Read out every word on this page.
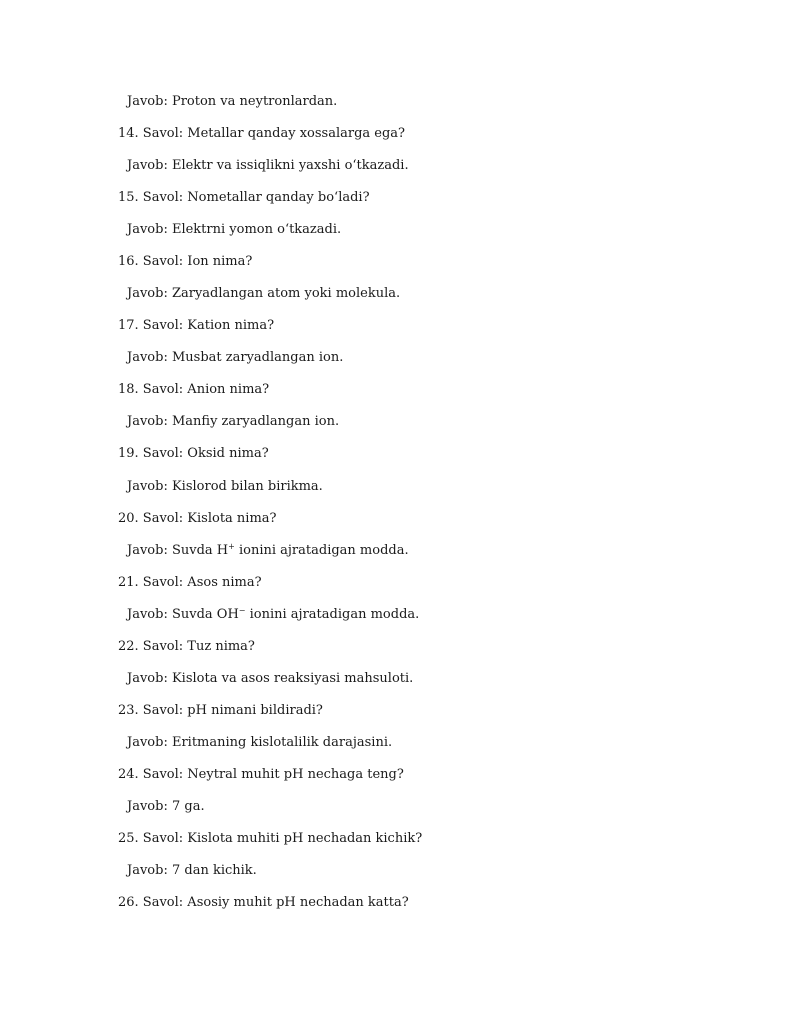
Javob: Proton va neytronlardan.
14. Savol: Metallar qanday xossalarga ega?
Javob: Elektr va issiqlikni yaxshi o‘tkazadi.
15. Savol: Nometallar qanday bo‘ladi?
Javob: Elektrni yomon o‘tkazadi.
16. Savol: Ion nima?
Javob: Zaryadlangan atom yoki molekula.
17. Savol: Kation nima?
Javob: Musbat zaryadlangan ion.
18. Savol: Anion nima?
Javob: Manfiy zaryadlangan ion.
19. Savol: Oksid nima?
Javob: Kislorod bilan birikma.
20. Savol: Kislota nima?
Javob: Suvda H+ ionini ajratadigan modda.
21. Savol: Asos nima?
Javob: Suvda OH− ionini ajratadigan modda.
22. Savol: Tuz nima?
Javob: Kislota va asos reaksiyasi mahsuloti.
23. Savol: pH nimani bildiradi?
Javob: Eritmaning kislotalilik darajasini.
24. Savol: Neytral muhit pH nechaga teng?
Javob: 7 ga.
25. Savol: Kislota muhiti pH nechadan kichik?
Javob: 7 dan kichik.
26. Savol: Asosiy muhit pH nechadan katta?
